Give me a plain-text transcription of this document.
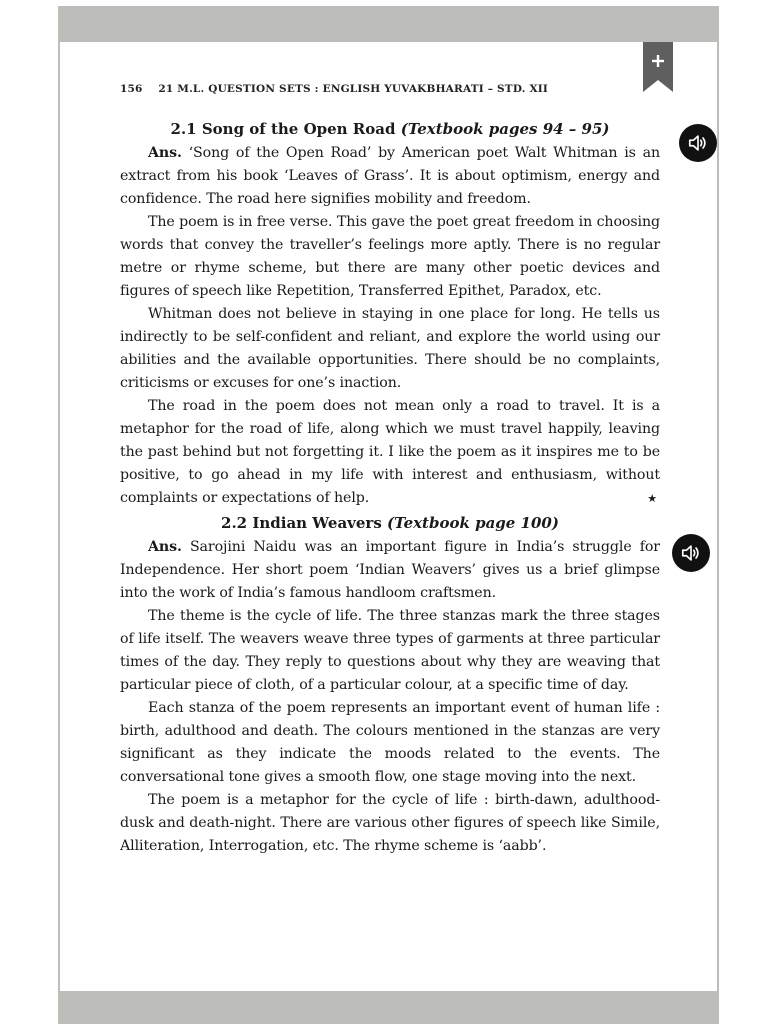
156 21 M.L. QUESTION SETS : ENGLISH YUVAKBHARATI – STD. XII
2.1 Song of the Open Road (Textbook pages 94 – 95)

Ans. ‘Song of the Open Road’ by American poet Walt Whitman is an extract from his book ‘Leaves of Grass’. It is about optimism, energy and confidence. The road here signifies mobility and freedom.

The poem is in free verse. This gave the poet great freedom in choosing words that convey the traveller’s feelings more aptly. There is no regular metre or rhyme scheme, but there are many other poetic devices and figures of speech like Repetition, Transferred Epithet, Paradox, etc.

Whitman does not believe in staying in one place for long. He tells us indirectly to be self-confident and reliant, and explore the world using our abilities and the available opportunities. There should be no complaints, criticisms or excuses for one’s inaction.

The road in the poem does not mean only a road to travel. It is a metaphor for the road of life, along which we must travel happily, leaving the past behind but not forgetting it. I like the poem as it inspires me to be positive, to go ahead in my life with interest and enthusiasm, without complaints or expectations of help.	★

2.2 Indian Weavers (Textbook page 100)

Ans. Sarojini Naidu was an important figure in India’s struggle for Independence. Her short poem ‘Indian Weavers’ gives us a brief glimpse into the work of India’s famous handloom craftsmen.

The theme is the cycle of life. The three stanzas mark the three stages of life itself. The weavers weave three types of garments at three particular times of the day. They reply to questions about why they are weaving that particular piece of cloth, of a particular colour, at a specific time of day.

Each stanza of the poem represents an important event of human life : birth, adulthood and death. The colours mentioned in the stanzas are very significant as they indicate the moods related to the events. The conversational tone gives a smooth flow, one stage moving into the next.

The poem is a metaphor for the cycle of life : birth-dawn, adulthood-dusk and death-night. There are various other figures of speech like Simile, Alliteration, Interrogation, etc. The rhyme scheme is ‘aabb’.
